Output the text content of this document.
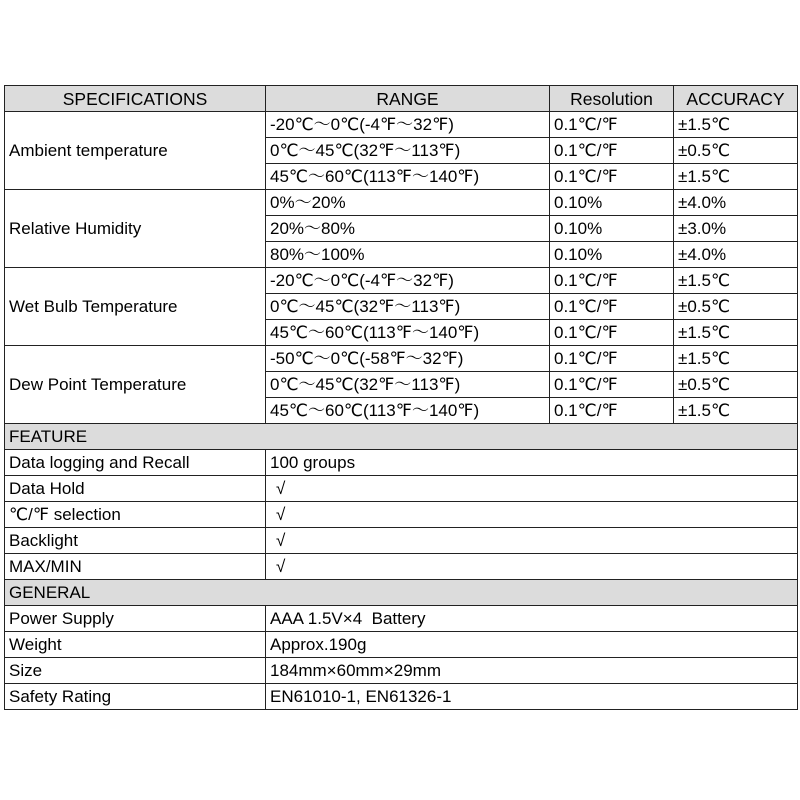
SPECIFICATIONS	RANGE	Resolution	ACCURACY
Ambient temperature	-20℃～0℃(-4℉～32℉)	0.1℃/℉	±1.5℃
	0℃～45℃(32℉～113℉)	0.1℃/℉	±0.5℃
	45℃～60℃(113℉～140℉)	0.1℃/℉	±1.5℃
Relative Humidity	0%～20%	0.10%	±4.0%
	20%～80%	0.10%	±3.0%
	80%～100%	0.10%	±4.0%
Wet Bulb Temperature	-20℃～0℃(-4℉～32℉)	0.1℃/℉	±1.5℃
	0℃～45℃(32℉～113℉)	0.1℃/℉	±0.5℃
	45℃～60℃(113℉～140℉)	0.1℃/℉	±1.5℃
Dew Point Temperature	-50℃～0℃(-58℉～32℉)	0.1℃/℉	±1.5℃
	0℃～45℃(32℉～113℉)	0.1℃/℉	±0.5℃
	45℃～60℃(113℉～140℉)	0.1℃/℉	±1.5℃
FEATURE			
Data logging and Recall	100 groups		
Data Hold	√		
℃/℉ selection	√		
Backlight	√		
MAX/MIN	√		
GENERAL			
Power Supply	AAA 1.5V×4  Battery		
Weight	Approx.190g		
Size	184mm×60mm×29mm		
Safety Rating	EN61010-1, EN61326-1		
